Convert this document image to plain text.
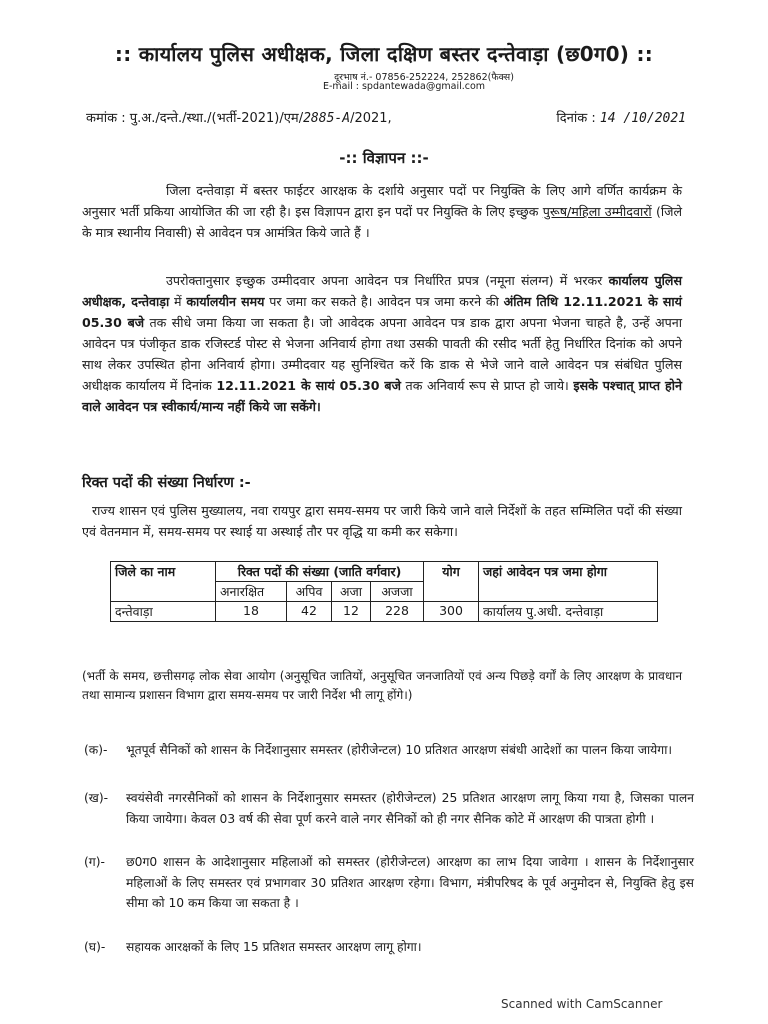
:: कार्यालय पुलिस अधीक्षक, जिला दक्षिण बस्तर दन्तेवाड़ा (छ0ग0) ::
दूरभाष नं.- 07856-252224, 252862(फैक्स)
E-mail : spdantewada@gmail.com
कमांक : पु.अ./दन्ते./स्था./(भर्ती-2021)/एम/2885-A/2021,	दिनांक : 14 /10/2021
-:: विज्ञापन ::-
जिला दन्तेवाड़ा में बस्तर फाईटर आरक्षक के दर्शाये अनुसार पदों पर नियुक्ति के लिए आगे वर्णित कार्यक्रम के अनुसार भर्ती प्रकिया आयोजित की जा रही है। इस विज्ञापन द्वारा इन पदों पर नियुक्ति के लिए इच्छुक पुरूष/महिला उम्मीदवारों (जिले के मात्र स्थानीय निवासी) से आवेदन पत्र आमंत्रित किये जाते हैं ।
उपरोक्तानुसार इच्छुक उम्मीदवार अपना आवेदन पत्र निर्धारित प्रपत्र (नमूना संलग्न) में भरकर कार्यालय पुलिस अधीक्षक, दन्तेवाड़ा में कार्यालयीन समय पर जमा कर सकते है। आवेदन पत्र जमा करने की अंतिम तिथि 12.11.2021 के सायं 05.30 बजे तक सीधे जमा किया जा सकता है। जो आवेदक अपना आवेदन पत्र डाक द्वारा अपना भेजना चाहते है, उन्हें अपना आवेदन पत्र पंजीकृत डाक रजिस्टर्ड पोस्ट से भेजना अनिवार्य होगा तथा उसकी पावती की रसीद भर्ती हेतु निर्धारित दिनांक को अपने साथ लेकर उपस्थित होना अनिवार्य होगा। उम्मीदवार यह सुनिश्चित करें कि डाक से भेजे जाने वाले आवेदन पत्र संबंधित पुलिस अधीक्षक कार्यालय में दिनांक 12.11.2021 के सायं 05.30 बजे तक अनिवार्य रूप से प्राप्त हो जाये। इसके पश्चात् प्राप्त होने वाले आवेदन पत्र स्वीकार्य/मान्य नहीं किये जा सकेंगे।
रिक्त पदों की संख्या निर्धारण :-
राज्य शासन एवं पुलिस मुख्यालय, नवा रायपुर द्वारा समय-समय पर जारी किये जाने वाले निर्देशों के तहत सम्मिलित पदों की संख्या एवं वेतनमान में, समय-समय पर स्थाई या अस्थाई तौर पर वृद्धि या कमी कर सकेगा।
जिले का नाम	रिक्त पदों की संख्या (जाति वर्गवार)				योग	जहां आवेदन पत्र जमा होगा
	अनारक्षित	अपिव	अजा	अजजा		
दन्तेवाड़ा	18	42	12	228	300	कार्यालय पु.अधी. दन्तेवाड़ा
(भर्ती के समय, छत्तीसगढ़ लोक सेवा आयोग (अनुसूचित जातियों, अनुसूचित जनजातियों एवं अन्य पिछड़े वर्गों के लिए आरक्षण के प्रावधान तथा सामान्य प्रशासन विभाग द्वारा समय-समय पर जारी निर्देश भी लागू होंगे।)
(क)-	भूतपूर्व सैनिकों को शासन के निर्देशानुसार समस्तर (होरीजेन्टल) 10 प्रतिशत आरक्षण संबंधी आदेशों का पालन किया जायेगा।
(ख)-	स्वयंसेवी नगरसैनिकों को शासन के निर्देशानुसार समस्तर (होरीजेन्टल) 25 प्रतिशत आरक्षण लागू किया गया है, जिसका पालन किया जायेगा। केवल 03 वर्ष की सेवा पूर्ण करने वाले नगर सैनिकों को ही नगर सैनिक कोटे में आरक्षण की पात्रता होगी ।
(ग)-	छ0ग0 शासन के आदेशानुसार महिलाओं को समस्तर (होरीजेन्टल) आरक्षण का लाभ दिया जावेगा । शासन के निर्देशानुसार महिलाओं के लिए समस्तर एवं प्रभागवार 30 प्रतिशत आरक्षण रहेगा। विभाग, मंत्रीपरिषद के पूर्व अनुमोदन से, नियुक्ति हेतु इस सीमा को 10 कम किया जा सकता है ।
(घ)-	सहायक आरक्षकों के लिए 15 प्रतिशत समस्तर आरक्षण लागू होगा।
Scanned with CamScanner
